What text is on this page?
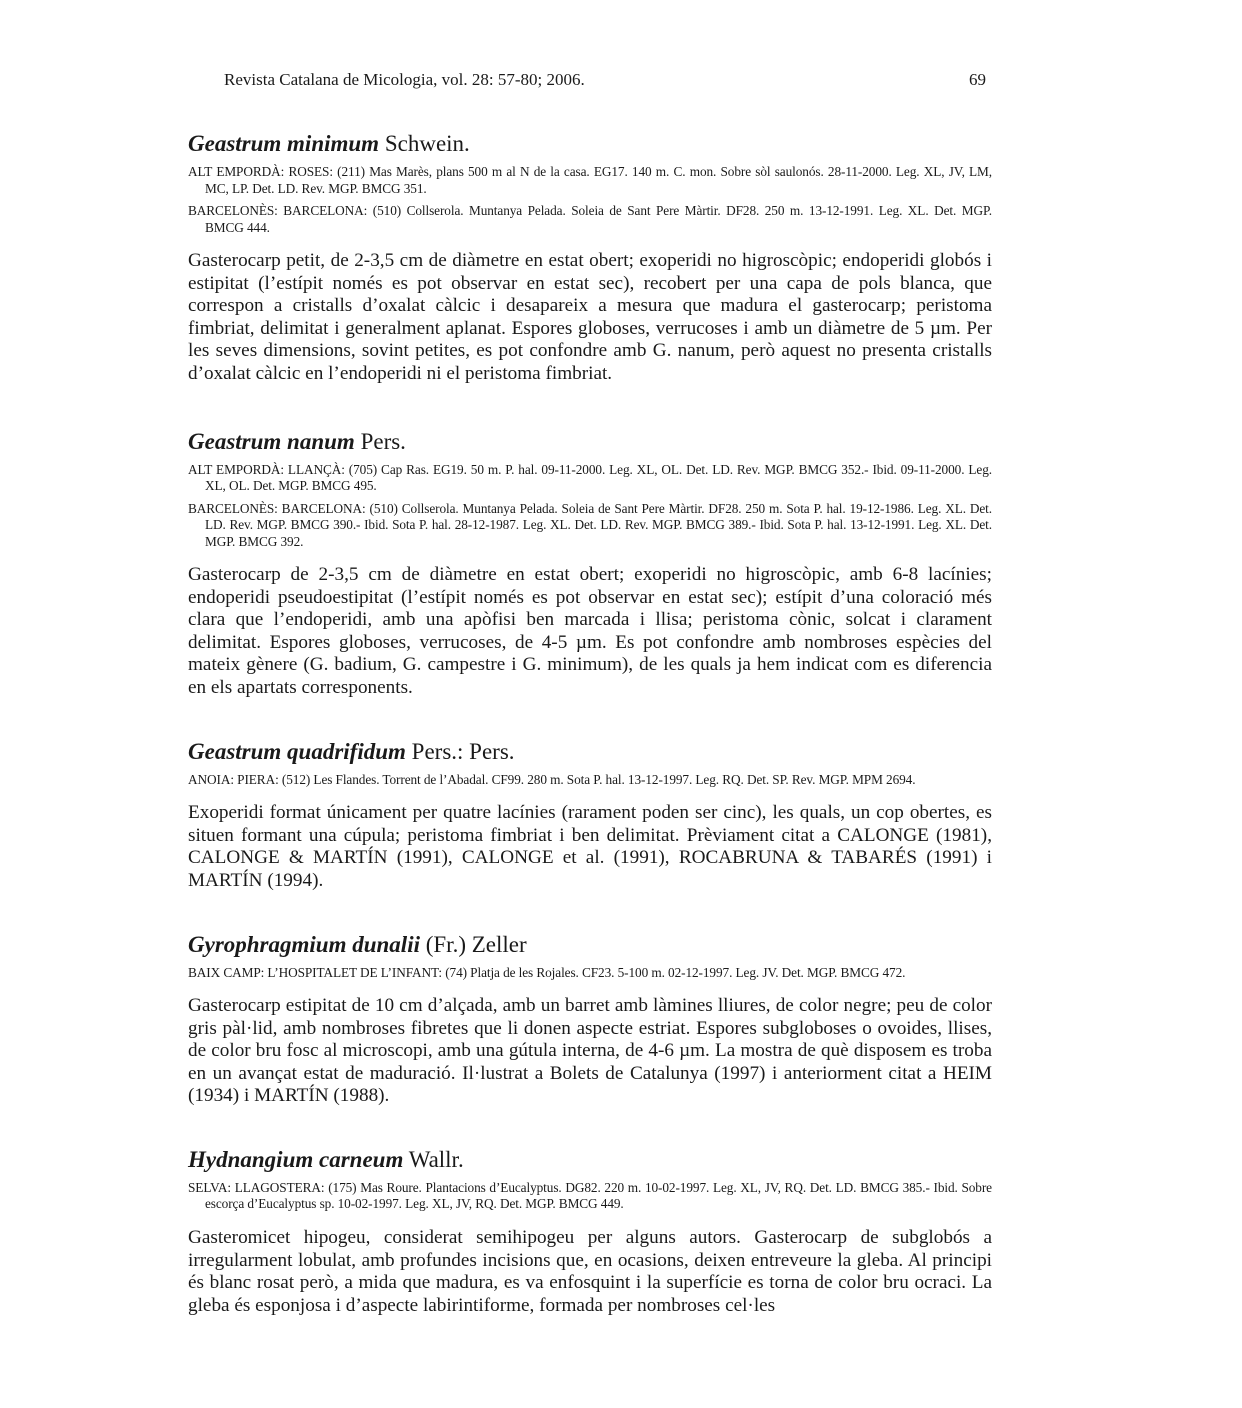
Revista Catalana de Micologia, vol. 28: 57-80; 2006.	69
Geastrum minimum Schwein.
ALT EMPORDÀ: ROSES: (211) Mas Marès, plans 500 m al N de la casa. EG17. 140 m. C. mon. Sobre sòl saulonós. 28-11-2000. Leg. XL, JV, LM, MC, LP. Det. LD. Rev. MGP. BMCG 351.
BARCELONÈS: BARCELONA: (510) Collserola. Muntanya Pelada. Soleia de Sant Pere Màrtir. DF28. 250 m. 13-12-1991. Leg. XL. Det. MGP. BMCG 444.
Gasterocarp petit, de 2-3,5 cm de diàmetre en estat obert; exoperidi no higroscòpic; endoperidi globós i estipitat (l’estípit només es pot observar en estat sec), recobert per una capa de pols blanca, que correspon a cristalls d’oxalat càlcic i desapareix a mesura que madura el gasterocarp; peristoma fimbriat, delimitat i generalment aplanat. Espores globoses, verrucoses i amb un diàmetre de 5 µm. Per les seves dimensions, sovint petites, es pot confondre amb G. nanum, però aquest no presenta cristalls d’oxalat càlcic en l’endoperidi ni el peristoma fimbriat.
Geastrum nanum Pers.
ALT EMPORDÀ: LLANÇÀ: (705) Cap Ras. EG19. 50 m. P. hal. 09-11-2000. Leg. XL, OL. Det. LD. Rev. MGP. BMCG 352.- Ibid. 09-11-2000. Leg. XL, OL. Det. MGP. BMCG 495.
BARCELONÈS: BARCELONA: (510) Collserola. Muntanya Pelada. Soleia de Sant Pere Màrtir. DF28. 250 m. Sota P. hal. 19-12-1986. Leg. XL. Det. LD. Rev. MGP. BMCG 390.- Ibid. Sota P. hal. 28-12-1987. Leg. XL. Det. LD. Rev. MGP. BMCG 389.- Ibid. Sota P. hal. 13-12-1991. Leg. XL. Det. MGP. BMCG 392.
Gasterocarp de 2-3,5 cm de diàmetre en estat obert; exoperidi no higroscòpic, amb 6-8 lacínies; endoperidi pseudoestipitat (l’estípit només es pot observar en estat sec); estípit d’una coloració més clara que l’endoperidi, amb una apòfisi ben marcada i llisa; peristoma cònic, solcat i clarament delimitat. Espores globoses, verrucoses, de 4-5 µm. Es pot confondre amb nombroses espècies del mateix gènere (G. badium, G. campestre i G. minimum), de les quals ja hem indicat com es diferencia en els apartats corresponents.
Geastrum quadrifidum Pers.: Pers.
ANOIA: PIERA: (512) Les Flandes. Torrent de l’Abadal. CF99. 280 m. Sota P. hal. 13-12-1997. Leg. RQ. Det. SP. Rev. MGP. MPM 2694.
Exoperidi format únicament per quatre lacínies (rarament poden ser cinc), les quals, un cop obertes, es situen formant una cúpula; peristoma fimbriat i ben delimitat. Prèviament citat a CALONGE (1981), CALONGE & MARTÍN (1991), CALONGE et al. (1991), ROCABRUNA & TABARÉS (1991) i MARTÍN (1994).
Gyrophragmium dunalii (Fr.) Zeller
BAIX CAMP: L’HOSPITALET DE L’INFANT: (74) Platja de les Rojales. CF23. 5-100 m. 02-12-1997. Leg. JV. Det. MGP. BMCG 472.
Gasterocarp estipitat de 10 cm d’alçada, amb un barret amb làmines lliures, de color negre; peu de color gris pàl·lid, amb nombroses fibretes que li donen aspecte estriat. Espores subgloboses o ovoides, llises, de color bru fosc al microscopi, amb una gútula interna, de 4-6 µm. La mostra de què disposem es troba en un avançat estat de maduració. Il·lustrat a Bolets de Catalunya (1997) i anteriorment citat a HEIM (1934) i MARTÍN (1988).
Hydnangium carneum Wallr.
SELVA: LLAGOSTERA: (175) Mas Roure. Plantacions d’Eucalyptus. DG82. 220 m. 10-02-1997. Leg. XL, JV, RQ. Det. LD. BMCG 385.- Ibid. Sobre escorça d’Eucalyptus sp. 10-02-1997. Leg. XL, JV, RQ. Det. MGP. BMCG 449.
Gasteromicet hipogeu, considerat semihipogeu per alguns autors. Gasterocarp de subglobós a irregularment lobulat, amb profundes incisions que, en ocasions, deixen entreveure la gleba. Al principi és blanc rosat però, a mida que madura, es va enfosquint i la superfície es torna de color bru ocraci. La gleba és esponjosa i d’aspecte labirintiforme, formada per nombroses cel·les
